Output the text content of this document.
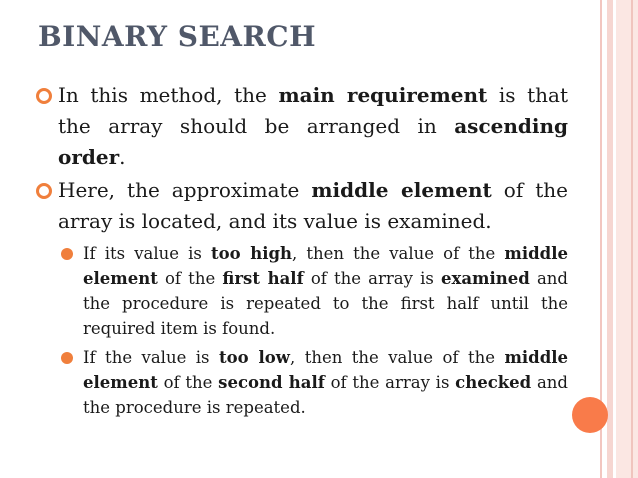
BINARY SEARCH
In this method, the main requirement is that the array should be arranged in ascending order.
Here, the approximate middle element of the array is located, and its value is examined.
If its value is too high, then the value of the middle element of the first half of the array is examined and the procedure is repeated to the first half until the required item is found.
If the value is too low, then the value of the middle element of the second half of the array is checked and the procedure is repeated.
